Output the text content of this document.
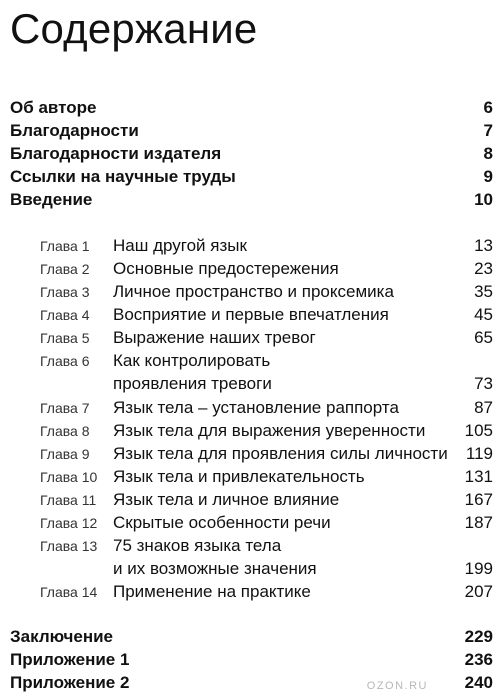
Содержание
Об авторе	6
Благодарности	7
Благодарности издателя	8
Ссылки на научные труды	9
Введение	10
Глава 1	Наш другой язык	13
Глава 2	Основные предостережения	23
Глава 3	Личное пространство и проксемика	35
Глава 4	Восприятие и первые впечатления	45
Глава 5	Выражение наших тревог	65
Глава 6	Как контролировать
проявления тревоги	73
Глава 7	Язык тела – установление раппорта	87
Глава 8	Язык тела для выражения уверенности	105
Глава 9	Язык тела для проявления силы личности	119
Глава 10 Язык тела и привлекательность	131
Глава 11 Язык тела и личное влияние	167
Глава 12 Скрытые особенности речи	187
Глава 13 75 знаков языка тела
и их возможные значения	199
Глава 14 Применение на практике	207
Заключение	229
Приложение 1	236
Приложение 2	240
OZON.RU
